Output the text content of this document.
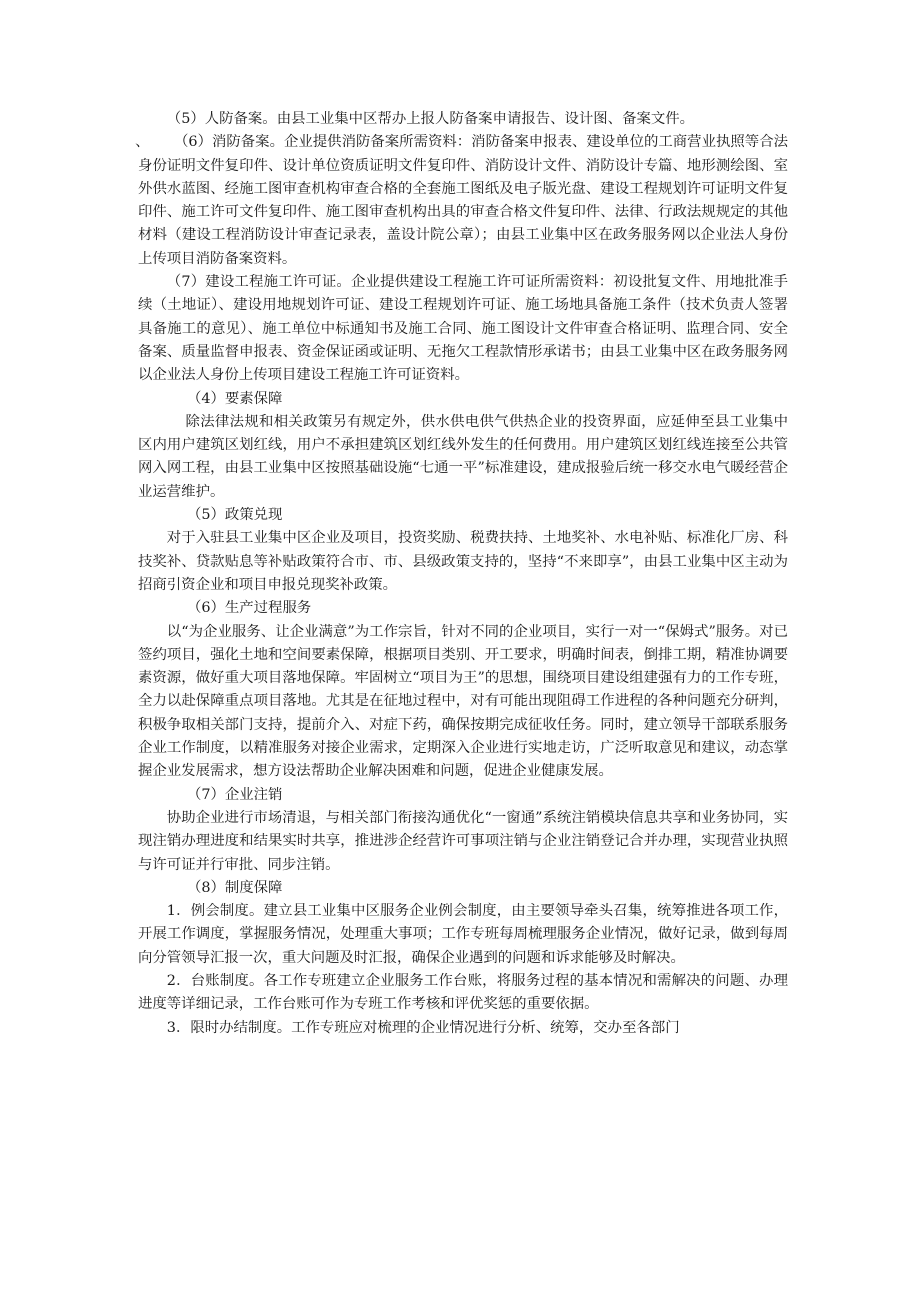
（5）人防备案。由县工业集中区帮办上报人防备案申请报告、设计图、备案文件。

、 （6）消防备案。企业提供消防备案所需资料：消防备案申报表、建设单位的工商营业执照等合法身份证明文件复印件、设计单位资质证明文件复印件、消防设计文件、消防设计专篇、地形测绘图、室外供水蓝图、经施工图审查机构审查合格的全套施工图纸及电子版光盘、建设工程规划许可证明文件复印件、施工许可文件复印件、施工图审查机构出具的审查合格文件复印件、法律、行政法规规定的其他材料（建设工程消防设计审查记录表，盖设计院公章）；由县工业集中区在政务服务网以企业法人身份上传项目消防备案资料。

（7）建设工程施工许可证。企业提供建设工程施工许可证所需资料：初设批复文件、用地批准手续（土地证）、建设用地规划许可证、建设工程规划许可证、施工场地具备施工条件（技术负责人签署具备施工的意见）、施工单位中标通知书及施工合同、施工图设计文件审查合格证明、监理合同、安全备案、质量监督申报表、资金保证函或证明、无拖欠工程款情形承诺书；由县工业集中区在政务服务网以企业法人身份上传项目建设工程施工许可证资料。

（4）要素保障

除法律法规和相关政策另有规定外，供水供电供气供热企业的投资界面，应延伸至县工业集中区内用户建筑区划红线，用户不承担建筑区划红线外发生的任何费用。用户建筑区划红线连接至公共管网入网工程，由县工业集中区按照基础设施“七通一平”标准建设，建成报验后统一移交水电气暖经营企业运营维护。

（5）政策兑现

对于入驻县工业集中区企业及项目，投资奖励、税费扶持、土地奖补、水电补贴、标准化厂房、科技奖补、贷款贴息等补贴政策符合市、市、县级政策支持的，坚持“不来即享”，由县工业集中区主动为招商引资企业和项目申报兑现奖补政策。

（6）生产过程服务

以“为企业服务、让企业满意”为工作宗旨，针对不同的企业项目，实行一对一“保姆式”服务。对已签约项目，强化土地和空间要素保障，根据项目类别、开工要求，明确时间表，倒排工期，精准协调要素资源，做好重大项目落地保障。牢固树立“项目为王”的思想，围绕项目建设组建强有力的工作专班，全力以赴保障重点项目落地。尤其是在征地过程中，对有可能出现阻碍工作进程的各种问题充分研判，积极争取相关部门支持，提前介入、对症下药，确保按期完成征收任务。同时，建立领导干部联系服务企业工作制度，以精准服务对接企业需求，定期深入企业进行实地走访，广泛听取意见和建议，动态掌握企业发展需求，想方设法帮助企业解决困难和问题，促进企业健康发展。

（7）企业注销

协助企业进行市场清退，与相关部门衔接沟通优化“一窗通”系统注销模块信息共享和业务协同，实现注销办理进度和结果实时共享，推进涉企经营许可事项注销与企业注销登记合并办理，实现营业执照与许可证并行审批、同步注销。

（8）制度保障

1．例会制度。建立县工业集中区服务企业例会制度，由主要领导牵头召集，统筹推进各项工作，开展工作调度，掌握服务情况，处理重大事项；工作专班每周梳理服务企业情况，做好记录，做到每周向分管领导汇报一次，重大问题及时汇报，确保企业遇到的问题和诉求能够及时解决。

2．台账制度。各工作专班建立企业服务工作台账，将服务过程的基本情况和需解决的问题、办理进度等详细记录，工作台账可作为专班工作考核和评优奖惩的重要依据。

3．限时办结制度。工作专班应对梳理的企业情况进行分析、统筹，交办至各部门
